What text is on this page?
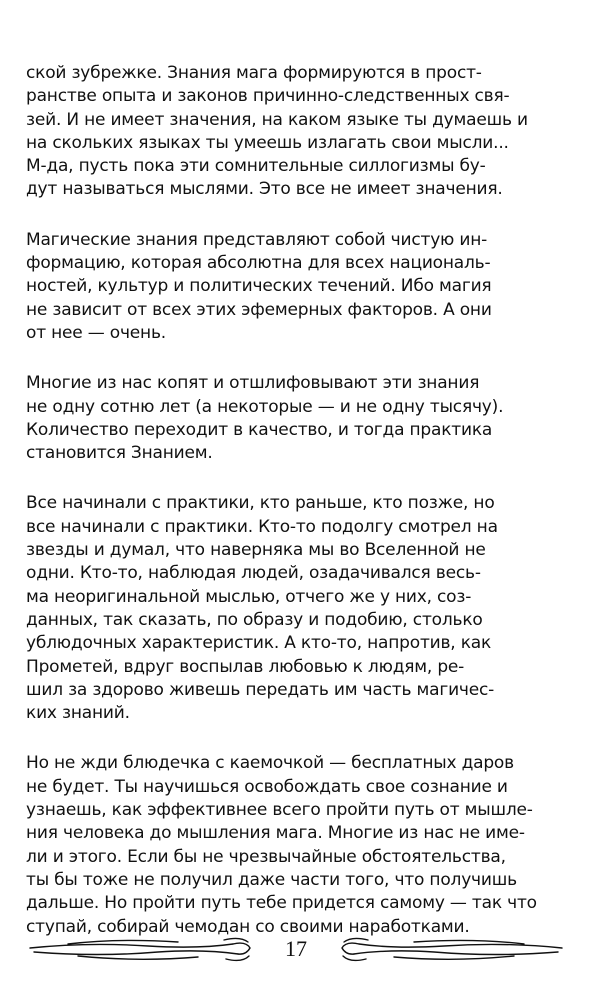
ской зубрежке. Знания мага формируются в прост-
ранстве опыта и законов причинно-следственных свя-
зей. И не имеет значения, на каком языке ты думаешь и
на скольких языках ты умеешь излагать свои мысли...
М-да, пусть пока эти сомнительные силлогизмы бу-
дут называться мыслями. Это все не имеет значения.
Магические знания представляют собой чистую ин-
формацию, которая абсолютна для всех националь-
ностей, культур и политических течений. Ибо магия
не зависит от всех этих эфемерных факторов. А они
от нее — очень.
Многие из нас копят и отшлифовывают эти знания
не одну сотню лет (а некоторые — и не одну тысячу).
Количество переходит в качество, и тогда практика
становится Знанием.
Все начинали с практики, кто раньше, кто позже, но
все начинали с практики. Кто-то подолгу смотрел на
звезды и думал, что наверняка мы во Вселенной не
одни. Кто-то, наблюдая людей, озадачивался весь-
ма неоригинальной мыслью, отчего же у них, соз-
данных, так сказать, по образу и подобию, столько
ублюдочных характеристик. А кто-то, напротив, как
Прометей, вдруг воспылав любовью к людям, ре-
шил за здорово живешь передать им часть магичес-
ких знаний.
Но не жди блюдечка с каемочкой — бесплатных даров
не будет. Ты научишься освобождать свое сознание и
узнаешь, как эффективнее всего пройти путь от мышле-
ния человека до мышления мага. Многие из нас не име-
ли и этого. Если бы не чрезвычайные обстоятельства,
ты бы тоже не получил даже части того, что получишь
дальше. Но пройти путь тебе придется самому — так что
ступай, собирай чемодан со своими наработками.
17
